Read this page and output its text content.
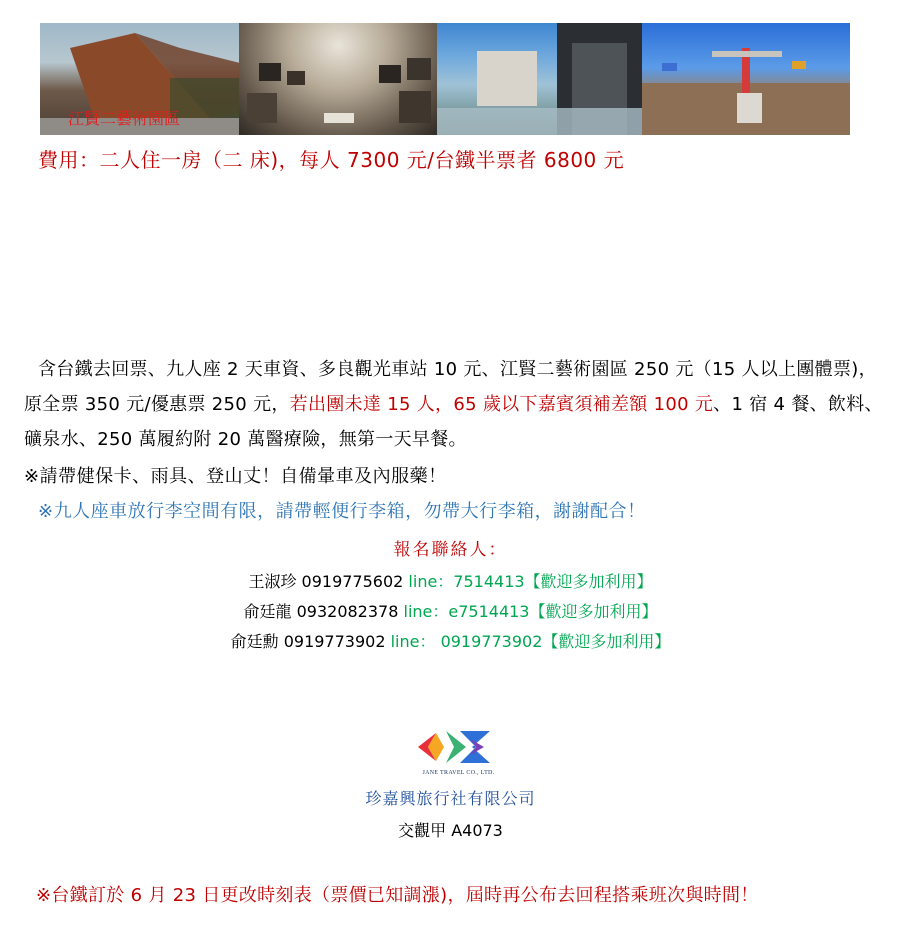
江賢二藝術園區
費用：二人住一房（二 床)，每人 7300 元/台鐵半票者 6800 元
含台鐵去回票、九人座 2 天車資、多良觀光車站 10 元、江賢二藝術園區 250 元（15 人以上團體票)，原全票 350 元/優惠票 250 元，若出團未達 15 人，65 歲以下嘉賓須補差額 100 元、1 宿 4 餐、飲料、礦泉水、250 萬履約附 20 萬醫療險，無第一天早餐。
※請帶健保卡、雨具、登山丈！自備暈車及內服藥！
※九人座車放行李空間有限，請帶輕便行李箱，勿帶大行李箱，謝謝配合！
報名聯絡人：
王淑珍 0919775602 line：7514413【歡迎多加利用】
俞廷龍 0932082378 line：e7514413【歡迎多加利用】
俞廷勳 0919773902 line： 0919773902【歡迎多加利用】
JANE TRAVEL CO., LTD.
珍嘉興旅行社有限公司
交觀甲 A4073
※台鐵訂於 6 月 23 日更改時刻表（票價已知調漲)，屆時再公布去回程搭乘班次與時間！
